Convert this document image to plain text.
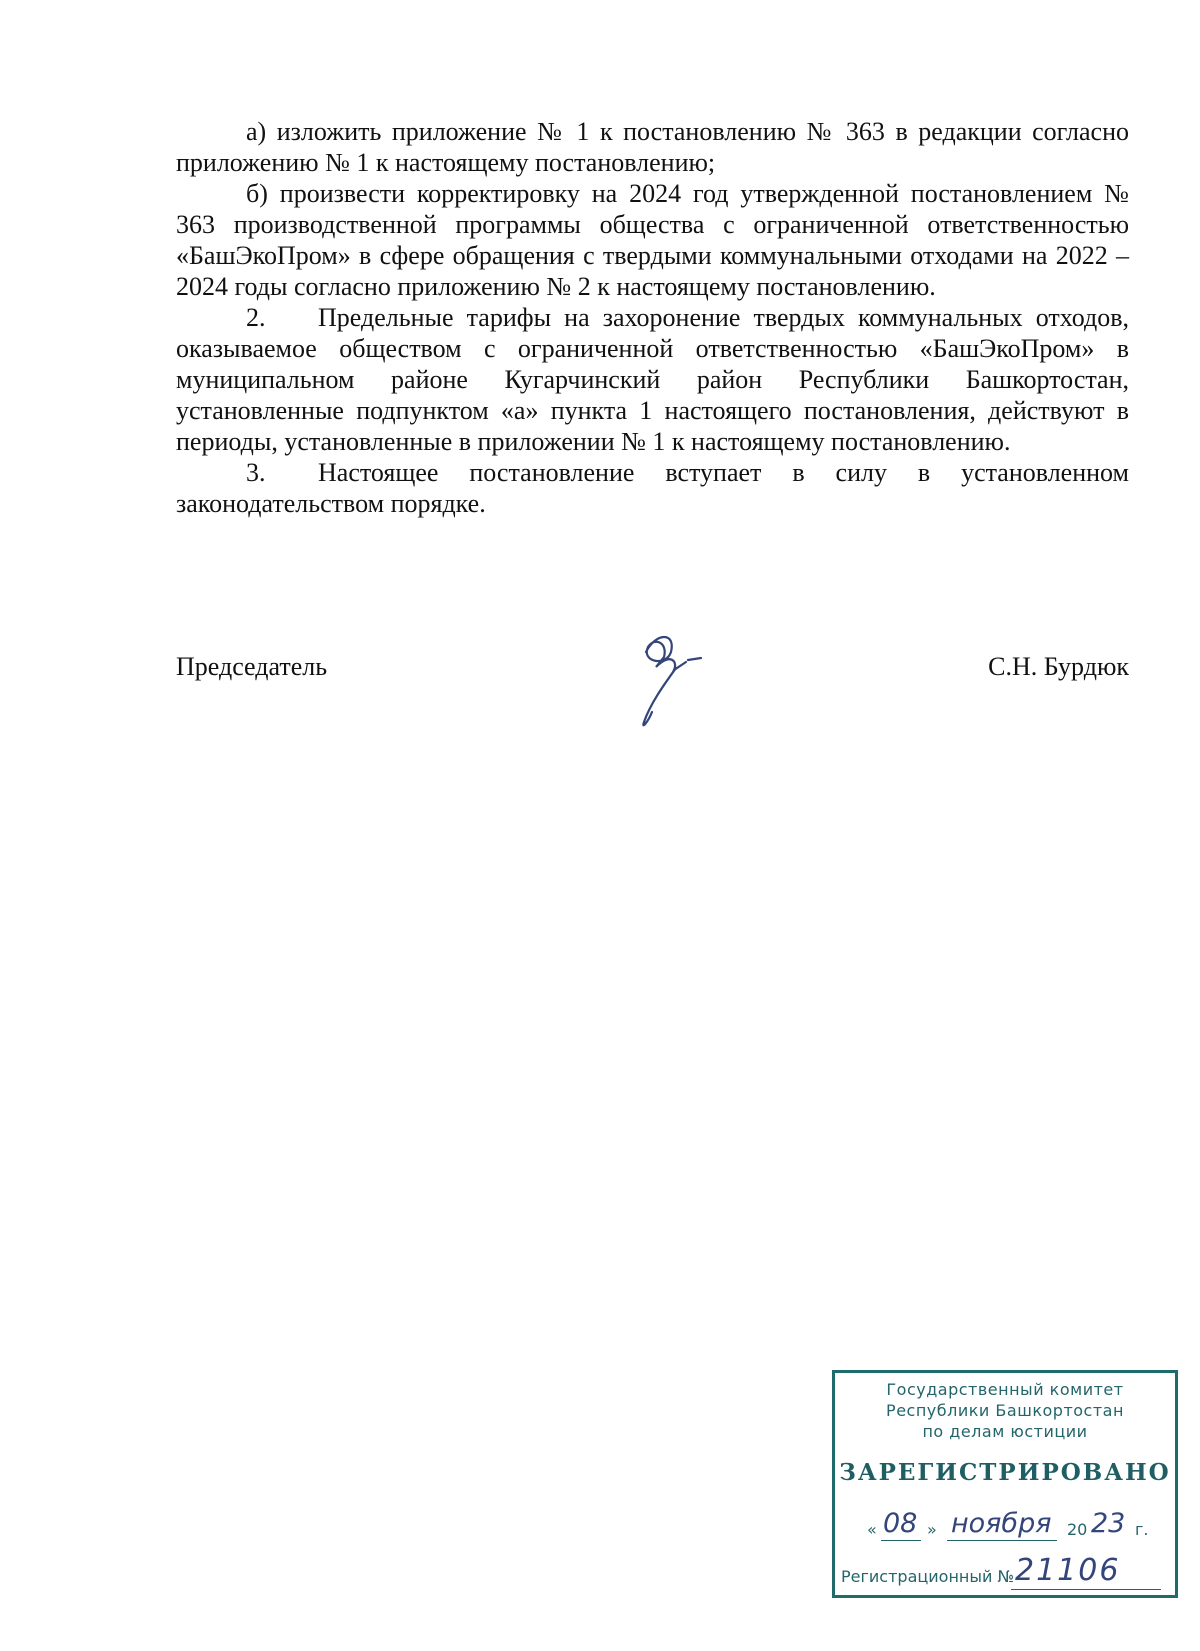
а) изложить приложение № 1 к постановлению № 363 в редакции согласно приложению № 1 к настоящему постановлению;

б) произвести корректировку на 2024 год утвержденной постановлением № 363 производственной программы общества с ограниченной ответственностью «БашЭкоПром» в сфере обращения с твердыми коммунальными отходами на 2022 – 2024 годы согласно приложению № 2 к настоящему постановлению.

2. Предельные тарифы на захоронение твердых коммунальных отходов, оказываемое обществом с ограниченной ответственностью «БашЭкоПром» в муниципальном районе Кугарчинский район Республики Башкортостан, установленные подпунктом «а» пункта 1 настоящего постановления, действуют в периоды, установленные в приложении № 1 к настоящему постановлению.

3. Настоящее постановление вступает в силу в установленном законодательством порядке.

Председатель	С.Н. Бурдюк
Государственный комитет
Республики Башкортостан
по делам юстиции
ЗАРЕГИСТРИРОВАНО
« 08 » ноября 20 23 г.
Регистрационный № 21106
